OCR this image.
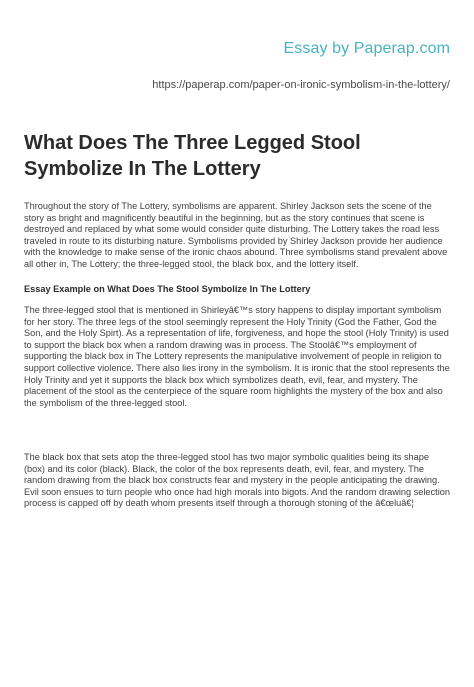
Essay by Paperap.com
https://paperap.com/paper-on-ironic-symbolism-in-the-lottery/
What Does The Three Legged Stool Symbolize In The Lottery

Throughout the story of The Lottery, symbolisms are apparent. Shirley Jackson sets the scene of the story as bright and magnificently beautiful in the beginning, but as the story continues that scene is destroyed and replaced by what some would consider quite disturbing. The Lottery takes the road less traveled in route to its disturbing nature. Symbolisms provided by Shirley Jackson provide her audience with the knowledge to make sense of the ironic chaos abound. Three symbolisms stand prevalent above all other in, The Lottery; the three-legged stool, the black box, and the lottery itself.

Essay Example on What Does The Stool Symbolize In The Lottery

The three-legged stool that is mentioned in Shirleyâ€™s story happens to display important symbolism for her story. The three legs of the stool seemingly represent the Holy Trinity (God the Father, God the Son, and the Holy Spirt). As a representation of life, forgiveness, and hope the stool (Holy Trinity) is used to support the black box when a random drawing was in process. The Stoolâ€™s employment of supporting the black box in The Lottery represents the manipulative involvement of people in religion to support collective violence. There also lies irony in the symbolism. It is ironic that the stool represents the Holy Trinity and yet it supports the black box which symbolizes death, evil, fear, and mystery. The placement of the stool as the centerpiece of the square room highlights the mystery of the box and also the symbolism of the three-legged stool.

The black box that sets atop the three-legged stool has two major symbolic qualities being its shape (box) and its color (black). Black, the color of the box represents death, evil, fear, and mystery. The random drawing from the black box constructs fear and mystery in the people anticipating the drawing. Evil soon ensues to turn people who once had high morals into bigots. And the random drawing selection process is capped off by death whom presents itself through a thorough stoning of the â€œluâ€¦
